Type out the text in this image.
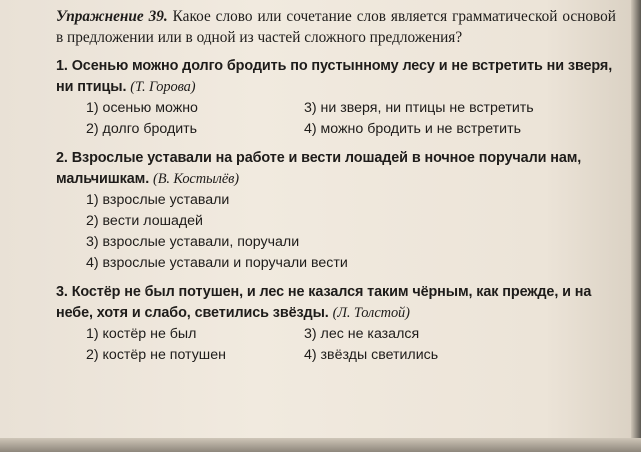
Упражнение 39. Какое слово или сочетание слов является грамматической основой в предложении или в одной из частей сложного предложения?

1. Осенью можно долго бродить по пустынному лесу и не встретить ни зверя, ни птицы. (Т. Горова)
1) осенью можно	3) ни зверя, ни птицы не встретить
2) долго бродить	4) можно бродить и не встретить
2. Взрослые уставали на работе и вести лошадей в ночное поручали нам, мальчишкам. (В. Костылёв)
1) взрослые уставали
2) вести лошадей
3) взрослые уставали, поручали
4) взрослые уставали и поручали вести
3. Костёр не был потушен, и лес не казался таким чёрным, как прежде, и на небе, хотя и слабо, светились звёзды. (Л. Толстой)
1) костёр не был	3) лес не казался
2) костёр не потушен	4) звёзды светились
